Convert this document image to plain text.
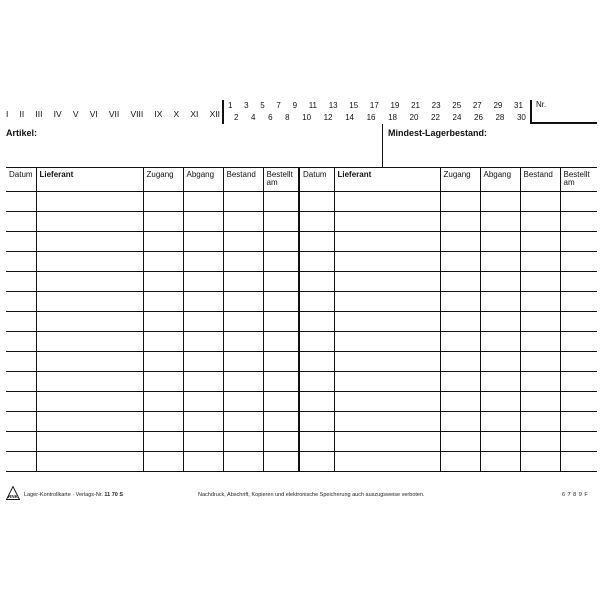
I II III IV V VI VII VIII IX X XI XII
1 3 5 7 9 11 13 15 17 19 21 23 25 27 29 31
2 4 6 8 10 12 14 16 18 20 22 24 26 28 30
Nr.
Artikel:	Mindest-Lagerbestand:
Datum	Lieferant	Zugang	Abgang	Bestand	Bestellt am	Datum	Lieferant	Zugang	Abgang	Bestand	Bestellt am

RNK Lager-Kontrollkarte · Verlags-Nr. 11 70 S	Nachdruck, Abschrift, Kopieren und elektronische Speicherung auch auszugsweise verboten.	6 7 8 9 F
